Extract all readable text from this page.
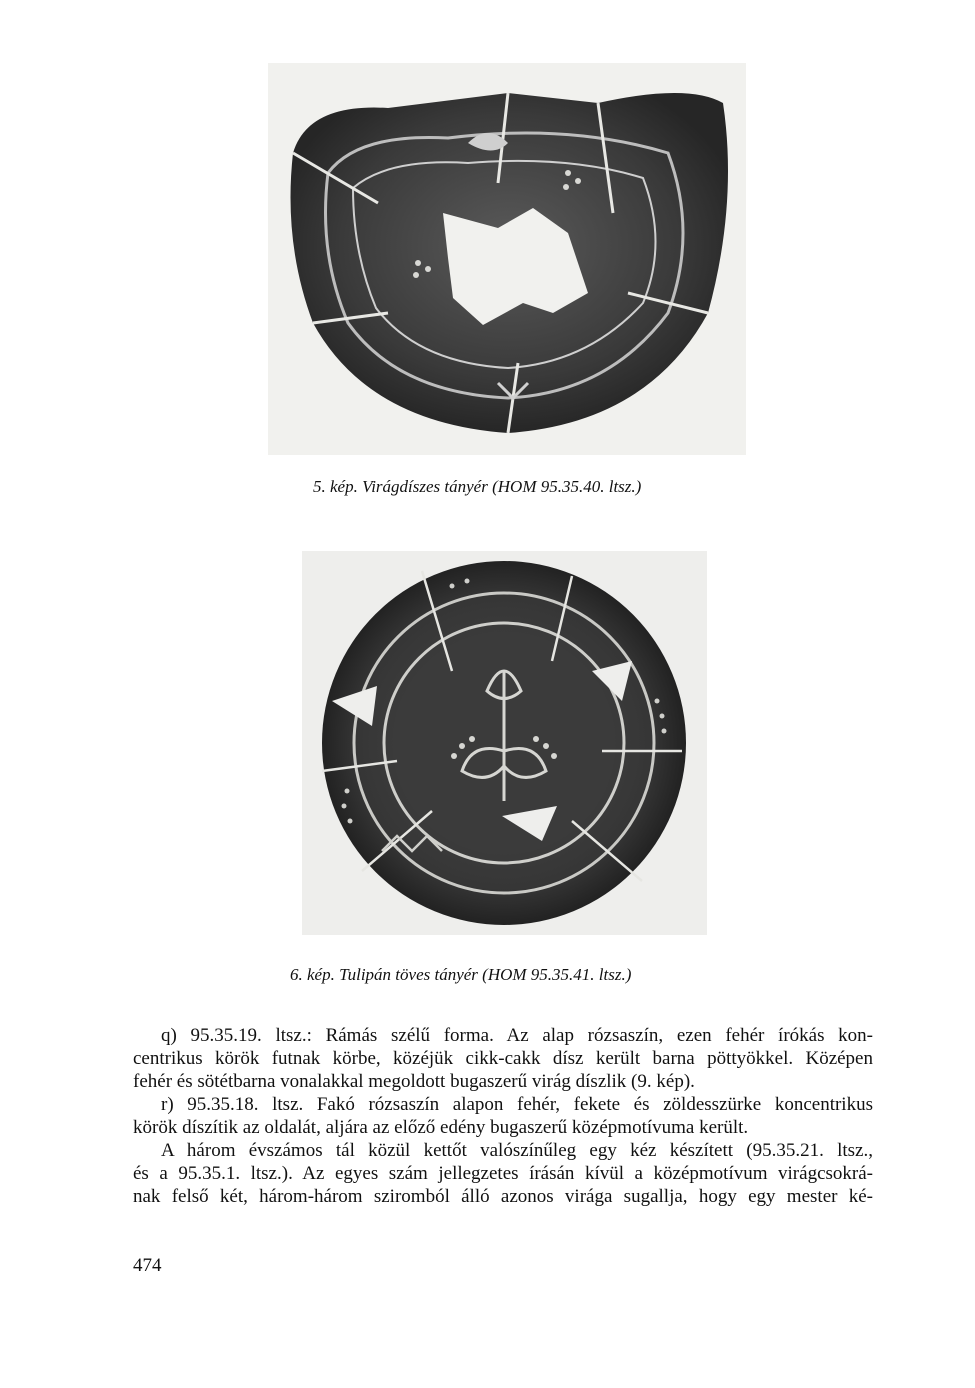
5. kép. Virágdíszes tányér (HOM 95.35.40. ltsz.)
6. kép. Tulipán töves tányér (HOM 95.35.41. ltsz.)
q) 95.35.19. ltsz.: Rámás szélű forma. Az alap rózsaszín, ezen fehér írókás kon-
centrikus körök futnak körbe, közéjük cikk-cakk dísz került barna pöttyökkel. Középen
fehér és sötétbarna vonalakkal megoldott bugaszerű virág díszlik (9. kép).
r) 95.35.18. ltsz. Fakó rózsaszín alapon fehér, fekete és zöldesszürke koncentrikus
körök díszítik az oldalát, aljára az előző edény bugaszerű középmotívuma került.
A három évszámos tál közül kettőt valószínűleg egy kéz készített (95.35.21. ltsz.,
és a 95.35.1. ltsz.). Az egyes szám jellegzetes írásán kívül a középmotívum virágcsokrá-
nak felső két, három-három sziromból álló azonos virága sugallja, hogy egy mester ké-
474
